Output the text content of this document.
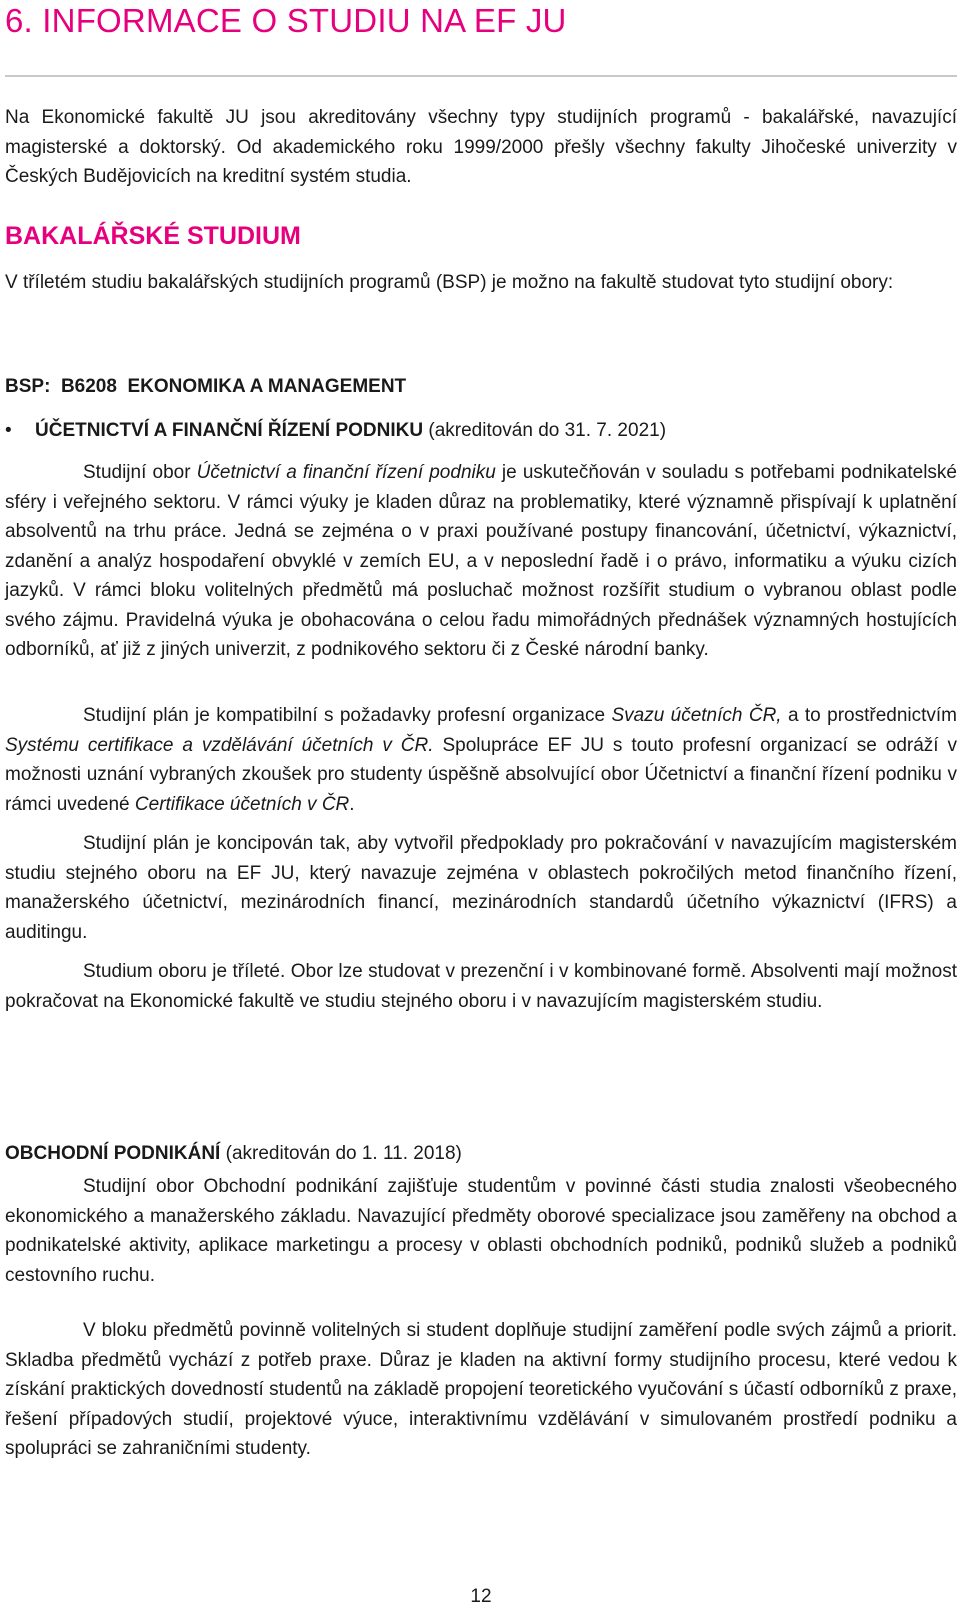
6. INFORMACE O STUDIU NA EF JU

Na Ekonomické fakultě JU jsou akreditovány všechny typy studijních programů - bakalářské, navazující magisterské a doktorský. Od akademického roku 1999/2000 přešly všechny fakulty Jihočeské univerzity v Českých Budějovicích na kreditní systém studia.

BAKALÁŘSKÉ STUDIUM

V tříletém studiu bakalářských studijních programů (BSP) je možno na fakultě studovat tyto studijní obory:

BSP:  B6208  EKONOMIKA A MANAGEMENT

• ÚČETNICTVÍ A FINANČNÍ ŘÍZENÍ PODNIKU (akreditován do 31. 7. 2021)

Studijní obor Účetnictví a finanční řízení podniku je uskutečňován v souladu s potřebami podnikatelské sféry i veřejného sektoru. V rámci výuky je kladen důraz na problematiky, které významně přispívají k uplatnění absolventů na trhu práce. Jedná se zejména o v praxi používané postupy financování, účetnictví, výkaznictví, zdanění a analýz hospodaření obvyklé v zemích EU, a v neposlední řadě i o právo, informatiku a výuku cizích jazyků. V rámci bloku volitelných předmětů má posluchač možnost rozšířit studium o vybranou oblast podle svého zájmu. Pravidelná výuka je obohacována o celou řadu mimořádných přednášek významných hostujících odborníků, ať již z jiných univerzit, z podnikového sektoru či z České národní banky.

Studijní plán je kompatibilní s požadavky profesní organizace Svazu účetních ČR, a to prostřednictvím Systému certifikace a vzdělávání účetních v ČR. Spolupráce EF JU s touto profesní organizací se odráží v možnosti uznání vybraných zkoušek pro studenty úspěšně absolvující obor Účetnictví a finanční řízení podniku v rámci uvedené Certifikace účetních v ČR.

Studijní plán je koncipován tak, aby vytvořil předpoklady pro pokračování v navazujícím magisterském studiu stejného oboru na EF JU, který navazuje zejména v oblastech pokročilých metod finančního řízení, manažerského účetnictví, mezinárodních financí, mezinárodních standardů účetního výkaznictví (IFRS) a auditingu.

Studium oboru je tříleté. Obor lze studovat v prezenční i v kombinované formě. Absolventi mají možnost pokračovat na Ekonomické fakultě ve studiu stejného oboru i v navazujícím magisterském studiu.

OBCHODNÍ PODNIKÁNÍ (akreditován do 1. 11. 2018)

Studijní obor Obchodní podnikání zajišťuje studentům v povinné části studia znalosti všeobecného ekonomického a manažerského základu. Navazující předměty oborové specializace jsou zaměřeny na obchod a podnikatelské aktivity, aplikace marketingu a procesy v oblasti obchodních podniků, podniků služeb a podniků cestovního ruchu.

V bloku předmětů povinně volitelných si student doplňuje studijní zaměření podle svých zájmů a priorit. Skladba předmětů vychází z potřeb praxe. Důraz je kladen na aktivní formy studijního procesu, které vedou k získání praktických dovedností studentů na základě propojení teoretického vyučování s účastí odborníků z praxe, řešení případových studií, projektové výuce, interaktivnímu vzdělávání v simulovaném prostředí podniku a spolupráci se zahraničními studenty.

12
